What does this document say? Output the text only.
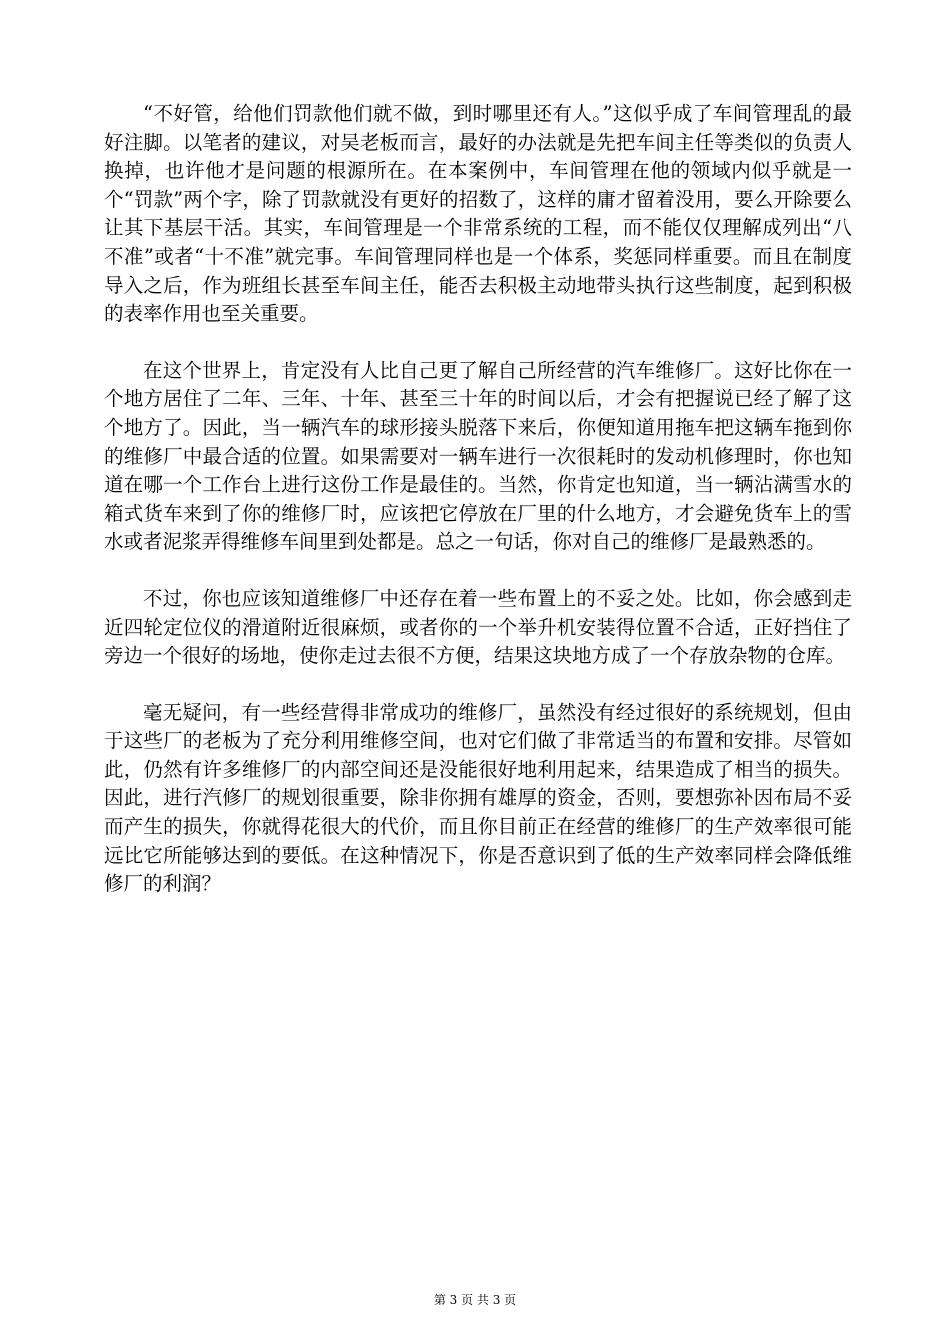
“不好管，给他们罚款他们就不做，到时哪里还有人。”这似乎成了车间管理乱的最好注脚。以笔者的建议，对吴老板而言，最好的办法就是先把车间主任等类似的负责人换掉，也许他才是问题的根源所在。在本案例中，车间管理在他的领域内似乎就是一个“罚款”两个字，除了罚款就没有更好的招数了，这样的庸才留着没用，要么开除要么让其下基层干活。其实，车间管理是一个非常系统的工程，而不能仅仅理解成列出“八不准”或者“十不准”就完事。车间管理同样也是一个体系，奖惩同样重要。而且在制度导入之后，作为班组长甚至车间主任，能否去积极主动地带头执行这些制度，起到积极的表率作用也至关重要。

在这个世界上，肯定没有人比自己更了解自己所经营的汽车维修厂。这好比你在一个地方居住了二年、三年、十年、甚至三十年的时间以后，才会有把握说已经了解了这个地方了。因此，当一辆汽车的球形接头脱落下来后，你便知道用拖车把这辆车拖到你的维修厂中最合适的位置。如果需要对一辆车进行一次很耗时的发动机修理时，你也知道在哪一个工作台上进行这份工作是最佳的。当然，你肯定也知道，当一辆沾满雪水的箱式货车来到了你的维修厂时，应该把它停放在厂里的什么地方，才会避免货车上的雪水或者泥浆弄得维修车间里到处都是。总之一句话，你对自己的维修厂是最熟悉的。

不过，你也应该知道维修厂中还存在着一些布置上的不妥之处。比如，你会感到走近四轮定位仪的滑道附近很麻烦，或者你的一个举升机安装得位置不合适，正好挡住了旁边一个很好的场地，使你走过去很不方便，结果这块地方成了一个存放杂物的仓库。

毫无疑问，有一些经营得非常成功的维修厂，虽然没有经过很好的系统规划，但由于这些厂的老板为了充分利用维修空间，也对它们做了非常适当的布置和安排。尽管如此，仍然有许多维修厂的内部空间还是没能很好地利用起来，结果造成了相当的损失。因此，进行汽修厂的规划很重要，除非你拥有雄厚的资金，否则，要想弥补因布局不妥而产生的损失，你就得花很大的代价，而且你目前正在经营的维修厂的生产效率很可能远比它所能够达到的要低。在这种情况下，你是否意识到了低的生产效率同样会降低维修厂的利润？

第 3 页 共 3 页
